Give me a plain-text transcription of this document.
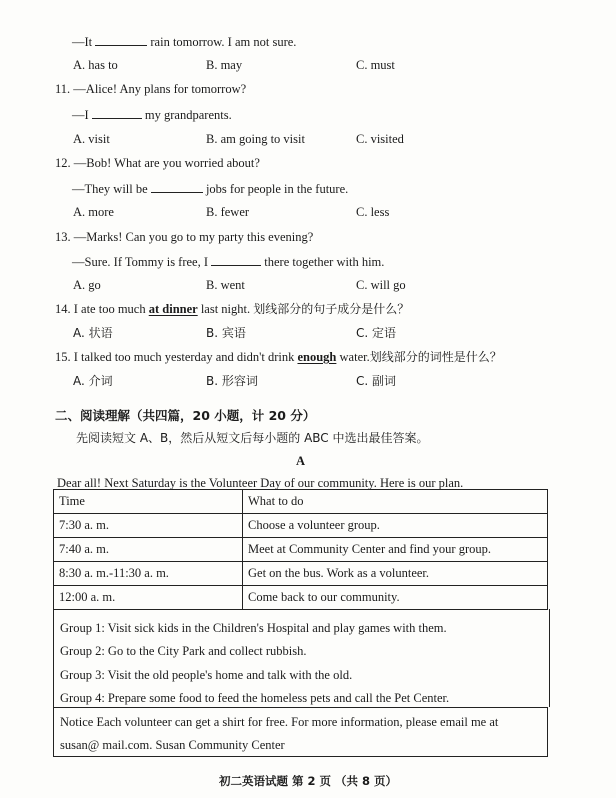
—It	rain tomorrow. I am not sure.
A. has to	B. may	C. must
11. —Alice! Any plans for tomorrow?
—I	my grandparents.
A. visit	B. am going to visit	C. visited
12. —Bob! What are you worried about?
—They will be	jobs for people in the future.
A. more	B. fewer	C. less
13. —Marks! Can you go to my party this evening?
—Sure. If Tommy is free, I	there together with him.
A. go	B. went	C. will go
14. I ate too much at dinner last night. 划线部分的句子成分是什么？
A. 状语	B. 宾语	C. 定语
15. I talked too much yesterday and didn't drink enough water.划线部分的词性是什么？
A. 介词	B. 形容词	C. 副词
二、阅读理解（共四篇，20 小题，计 20 分）
先阅读短文 A、B，然后从短文后每小题的 ABC 中选出最佳答案。
A
Dear all! Next Saturday is the Volunteer Day of our community. Here is our plan.
Time	What to do
7:30 a. m.	Choose a volunteer group.
7:40 a. m.	Meet at Community Center and find your group.
8:30 a. m.-11:30 a. m.	Get on the bus. Work as a volunteer.
12:00 a. m.	Come back to our community.
Group 1: Visit sick kids in the Children's Hospital and play games with them.
Group 2: Go to the City Park and collect rubbish.
Group 3: Visit the old people's home and talk with the old.
Group 4: Prepare some food to feed the homeless pets and call the Pet Center.
Notice Each volunteer can get a shirt for free. For more information, please email me at
susan@ mail.com. Susan Community Center
初二英语试题 第 2 页 （共 8 页）
